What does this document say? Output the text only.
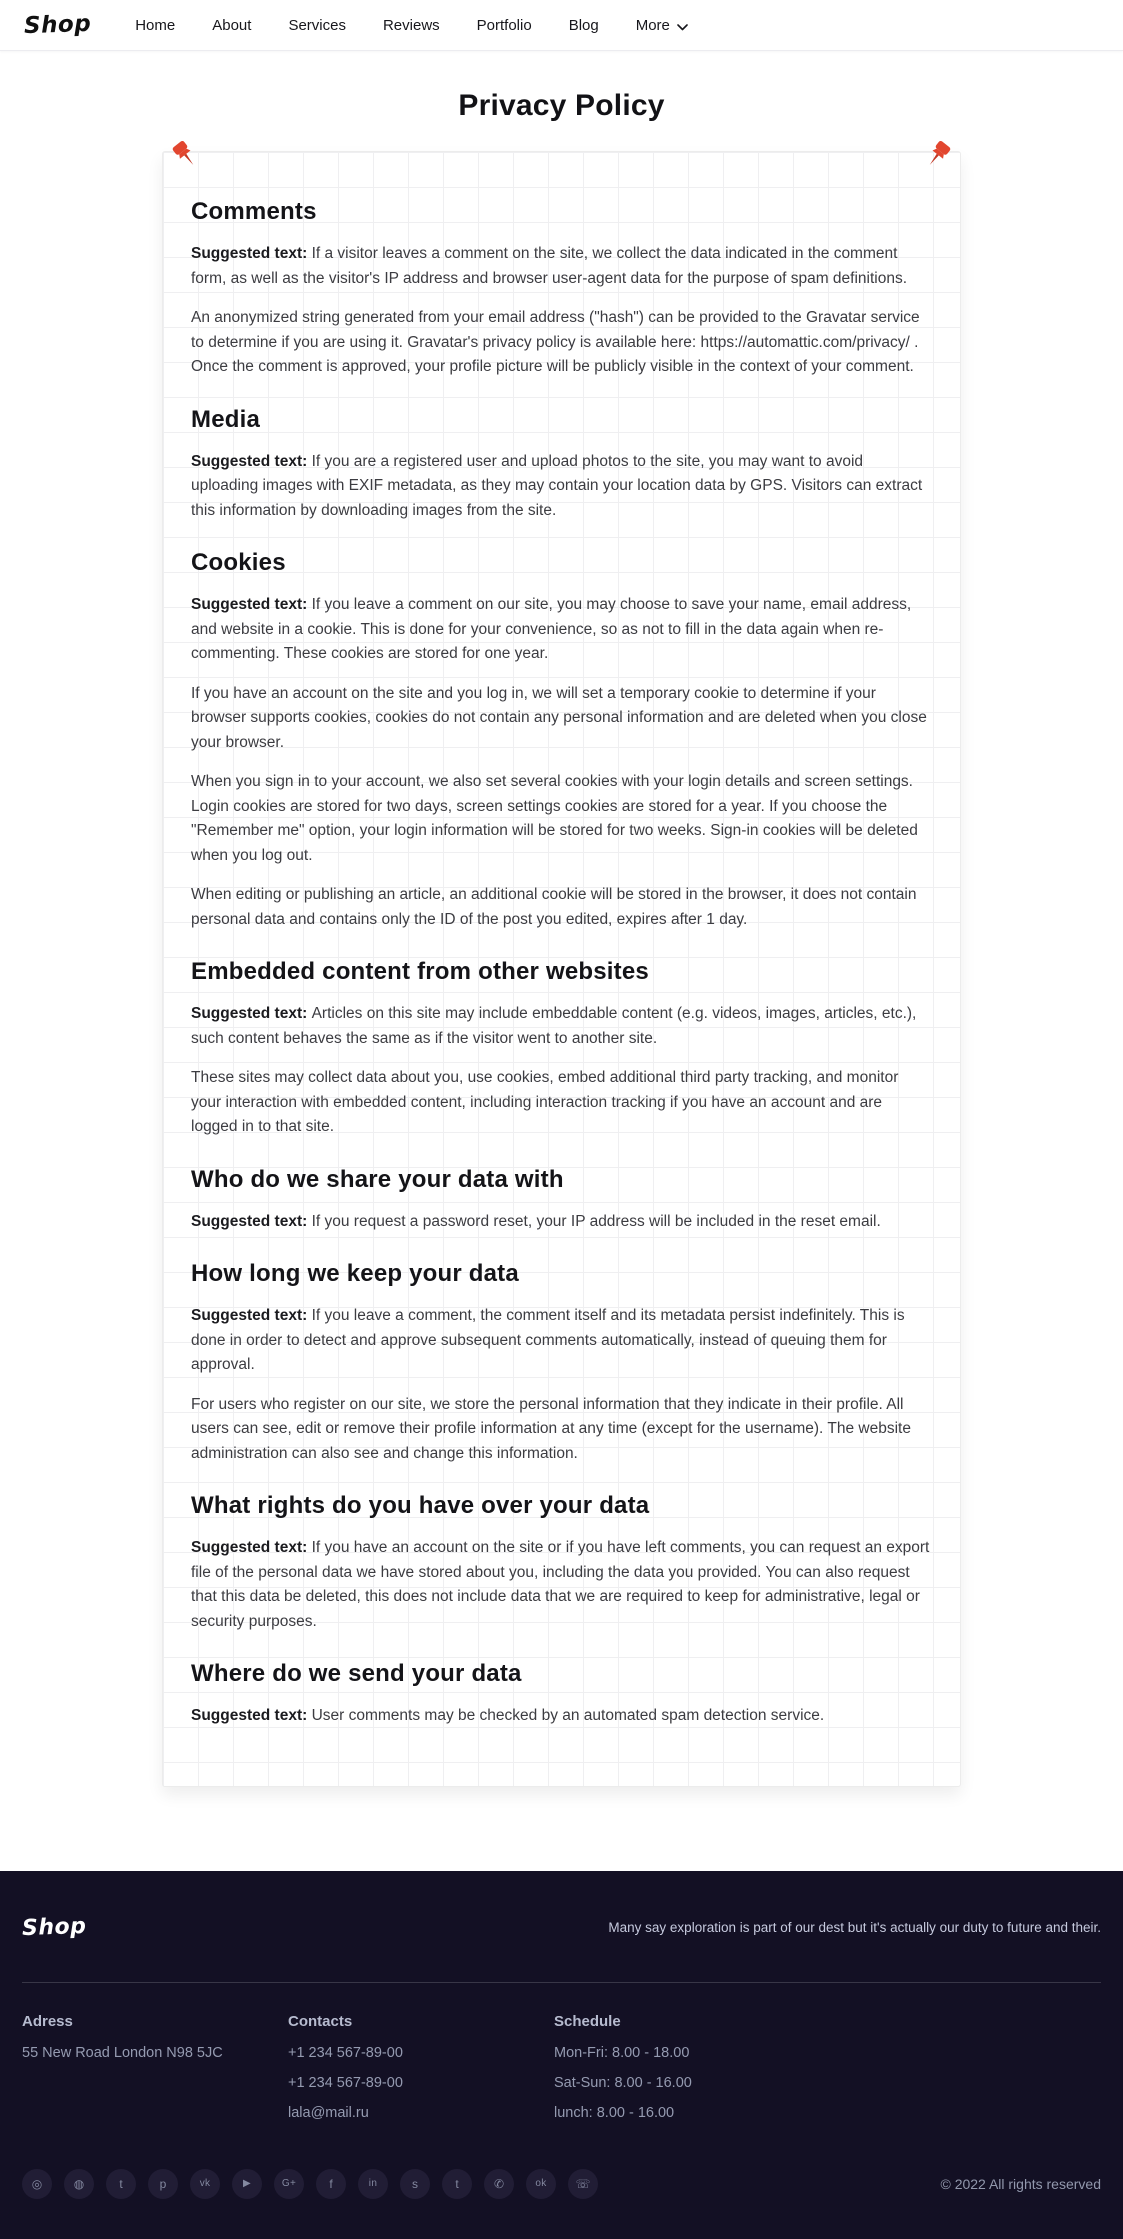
Shop	Home About Services Reviews Portfolio Blog More
Privacy Policy
Comments

Suggested text: If a visitor leaves a comment on the site, we collect the data indicated in the comment form, as well as the visitor's IP address and browser user-agent data for the purpose of spam definitions.

An anonymized string generated from your email address ("hash") can be provided to the Gravatar service to determine if you are using it. Gravatar's privacy policy is available here: https://automattic.com/privacy/ . Once the comment is approved, your profile picture will be publicly visible in the context of your comment.

Media

Suggested text: If you are a registered user and upload photos to the site, you may want to avoid uploading images with EXIF metadata, as they may contain your location data by GPS. Visitors can extract this information by downloading images from the site.

Cookies

Suggested text: If you leave a comment on our site, you may choose to save your name, email address, and website in a cookie. This is done for your convenience, so as not to fill in the data again when re-commenting. These cookies are stored for one year.

If you have an account on the site and you log in, we will set a temporary cookie to determine if your browser supports cookies, cookies do not contain any personal information and are deleted when you close your browser.

When you sign in to your account, we also set several cookies with your login details and screen settings. Login cookies are stored for two days, screen settings cookies are stored for a year. If you choose the "Remember me" option, your login information will be stored for two weeks. Sign-in cookies will be deleted when you log out.

When editing or publishing an article, an additional cookie will be stored in the browser, it does not contain personal data and contains only the ID of the post you edited, expires after 1 day.

Embedded content from other websites

Suggested text: Articles on this site may include embeddable content (e.g. videos, images, articles, etc.), such content behaves the same as if the visitor went to another site.

These sites may collect data about you, use cookies, embed additional third party tracking, and monitor your interaction with embedded content, including interaction tracking if you have an account and are logged in to that site.

Who do we share your data with

Suggested text: If you request a password reset, your IP address will be included in the reset email.

How long we keep your data

Suggested text: If you leave a comment, the comment itself and its metadata persist indefinitely. This is done in order to detect and approve subsequent comments automatically, instead of queuing them for approval.

For users who register on our site, we store the personal information that they indicate in their profile. All users can see, edit or remove their profile information at any time (except for the username). The website administration can also see and change this information.

What rights do you have over your data

Suggested text: If you have an account on the site or if you have left comments, you can request an export file of the personal data we have stored about you, including the data you provided. You can also request that this data be deleted, this does not include data that we are required to keep for administrative, legal or security purposes.

Where do we send your data

Suggested text: User comments may be checked by an automated spam detection service.

Shop	Many say exploration is part of our dest but it's actually our duty to future and their.
Adress

55 New Road London N98 5JC

Contacts

+1 234 567-89-00

+1 234 567-89-00

lala@mail.ru

Schedule

Mon-Fri: 8.00 - 18.00

Sat-Sun: 8.00 - 16.00

lunch: 8.00 - 16.00

◎	◍	t	p	vk	▶	G+	f	in	s	t	✆	ok	☏	© 2022 All rights reserved
